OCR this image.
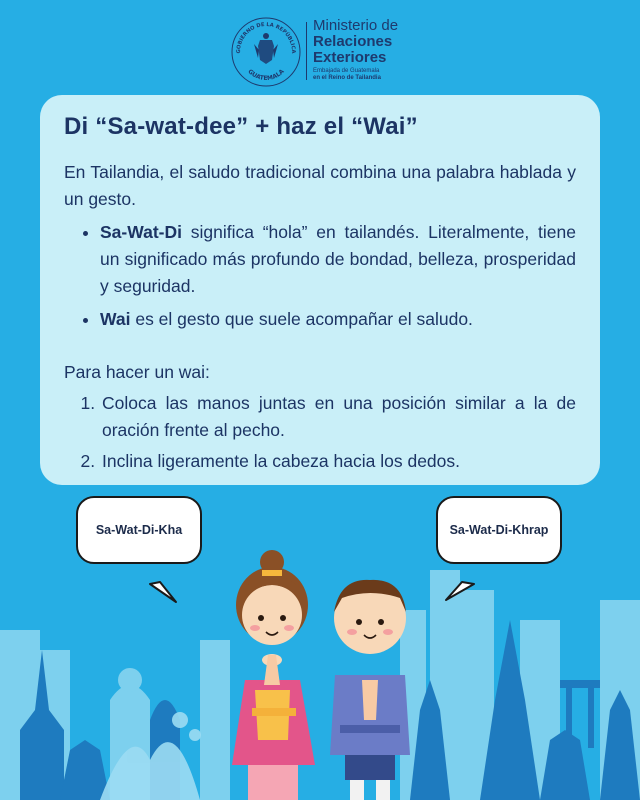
GOBIERNO DE LA REPÚBLICA
GUATEMALA
Ministerio de
Relaciones
Exteriores
Embajada de Guatemala
en el Reino de Tailandia
Di “Sa-wat-dee” + haz el “Wai”

En Tailandia, el saludo tradicional combina una palabra hablada y un gesto.

• Sa-Wat-Di significa “hola” en tailandés. Literalmente, tiene un significado más profundo de bondad, belleza, prosperidad y seguridad.
• Wai es el gesto que suele acompañar el saludo.

Para hacer un wai:

1. Coloca las manos juntas en una posición similar a la de oración frente al pecho.
2. Inclina ligeramente la cabeza hacia los dedos.
Sa-Wat-Di-Kha	Sa-Wat-Di-Khrap
